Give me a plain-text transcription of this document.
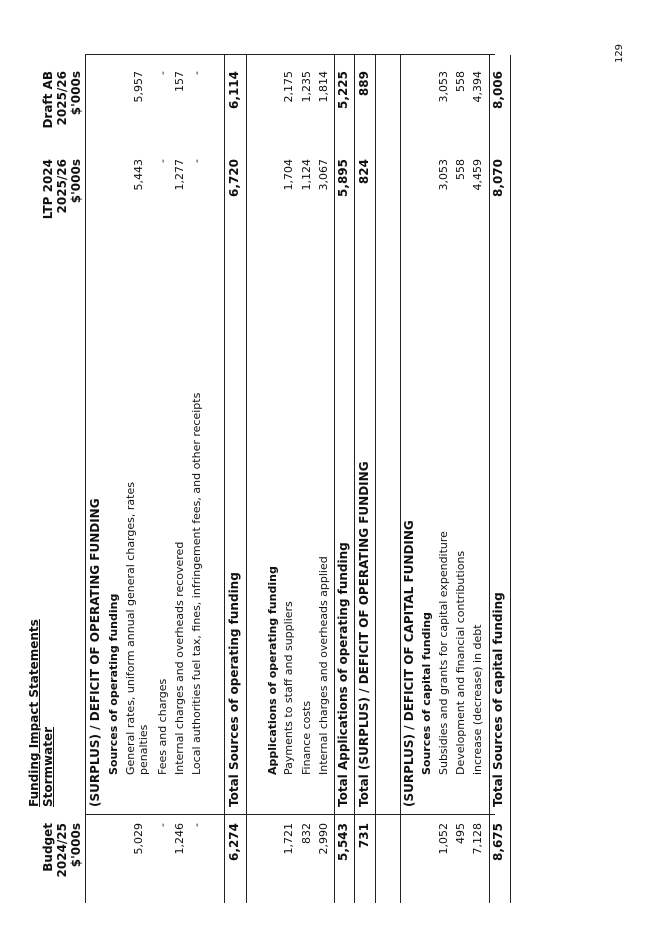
129
Funding Impact Statements Stormwater
Budget 2024/25 $'000s
LTP 2024 2025/26 $'000s
Draft AB 2025/26 $'000s
(SURPLUS) / DEFICIT OF OPERATING FUNDING Sources of operating funding
5,029
General rates, uniform annual general charges, rates penalties
5,443
5,957
-
Fees and charges
-
-
1,246
Internal charges and overheads recovered
1,277
157
-
Local authorities fuel tax, fines, infringement fees, and other receipts
-
-
6,274
Total Sources of operating funding
6,720
6,114
Applications of operating funding
1,721
Payments to staff and suppliers
1,704
2,175
832
Finance costs
1,124
1,235
2,990
Internal charges and overheads applied
3,067
1,814
5,543
Total Applications of operating funding
5,895
5,225
731
Total (SURPLUS) / DEFICIT OF OPERATING FUNDING
824
889
(SURPLUS) / DEFICIT OF CAPITAL FUNDING Sources of capital funding
1,052
Subsidies and grants for capital expenditure
3,053
3,053
495
Development and financial contributions
558
558
7,128
increase (decrease) in debt
4,459
4,394
8,675
Total Sources of capital funding
8,070
8,006
